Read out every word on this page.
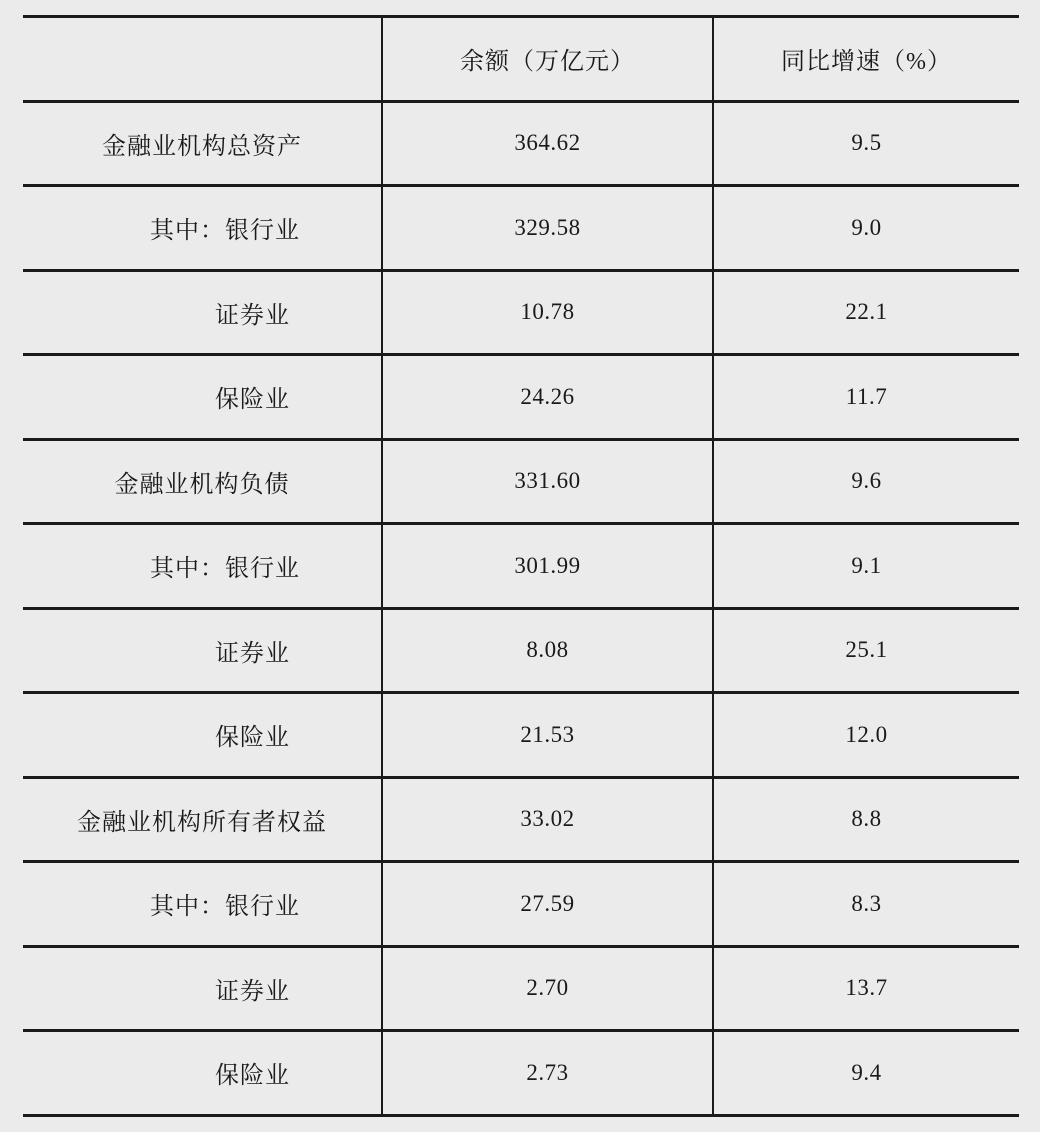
	余额（万亿元）	同比增速（%）
金融业机构总资产	364.62	9.5
其中：银行业	329.58	9.0
证券业	10.78	22.1
保险业	24.26	11.7
金融业机构负债	331.60	9.6
其中：银行业	301.99	9.1
证券业	8.08	25.1
保险业	21.53	12.0
金融业机构所有者权益	33.02	8.8
其中：银行业	27.59	8.3
证券业	2.70	13.7
保险业	2.73	9.4
